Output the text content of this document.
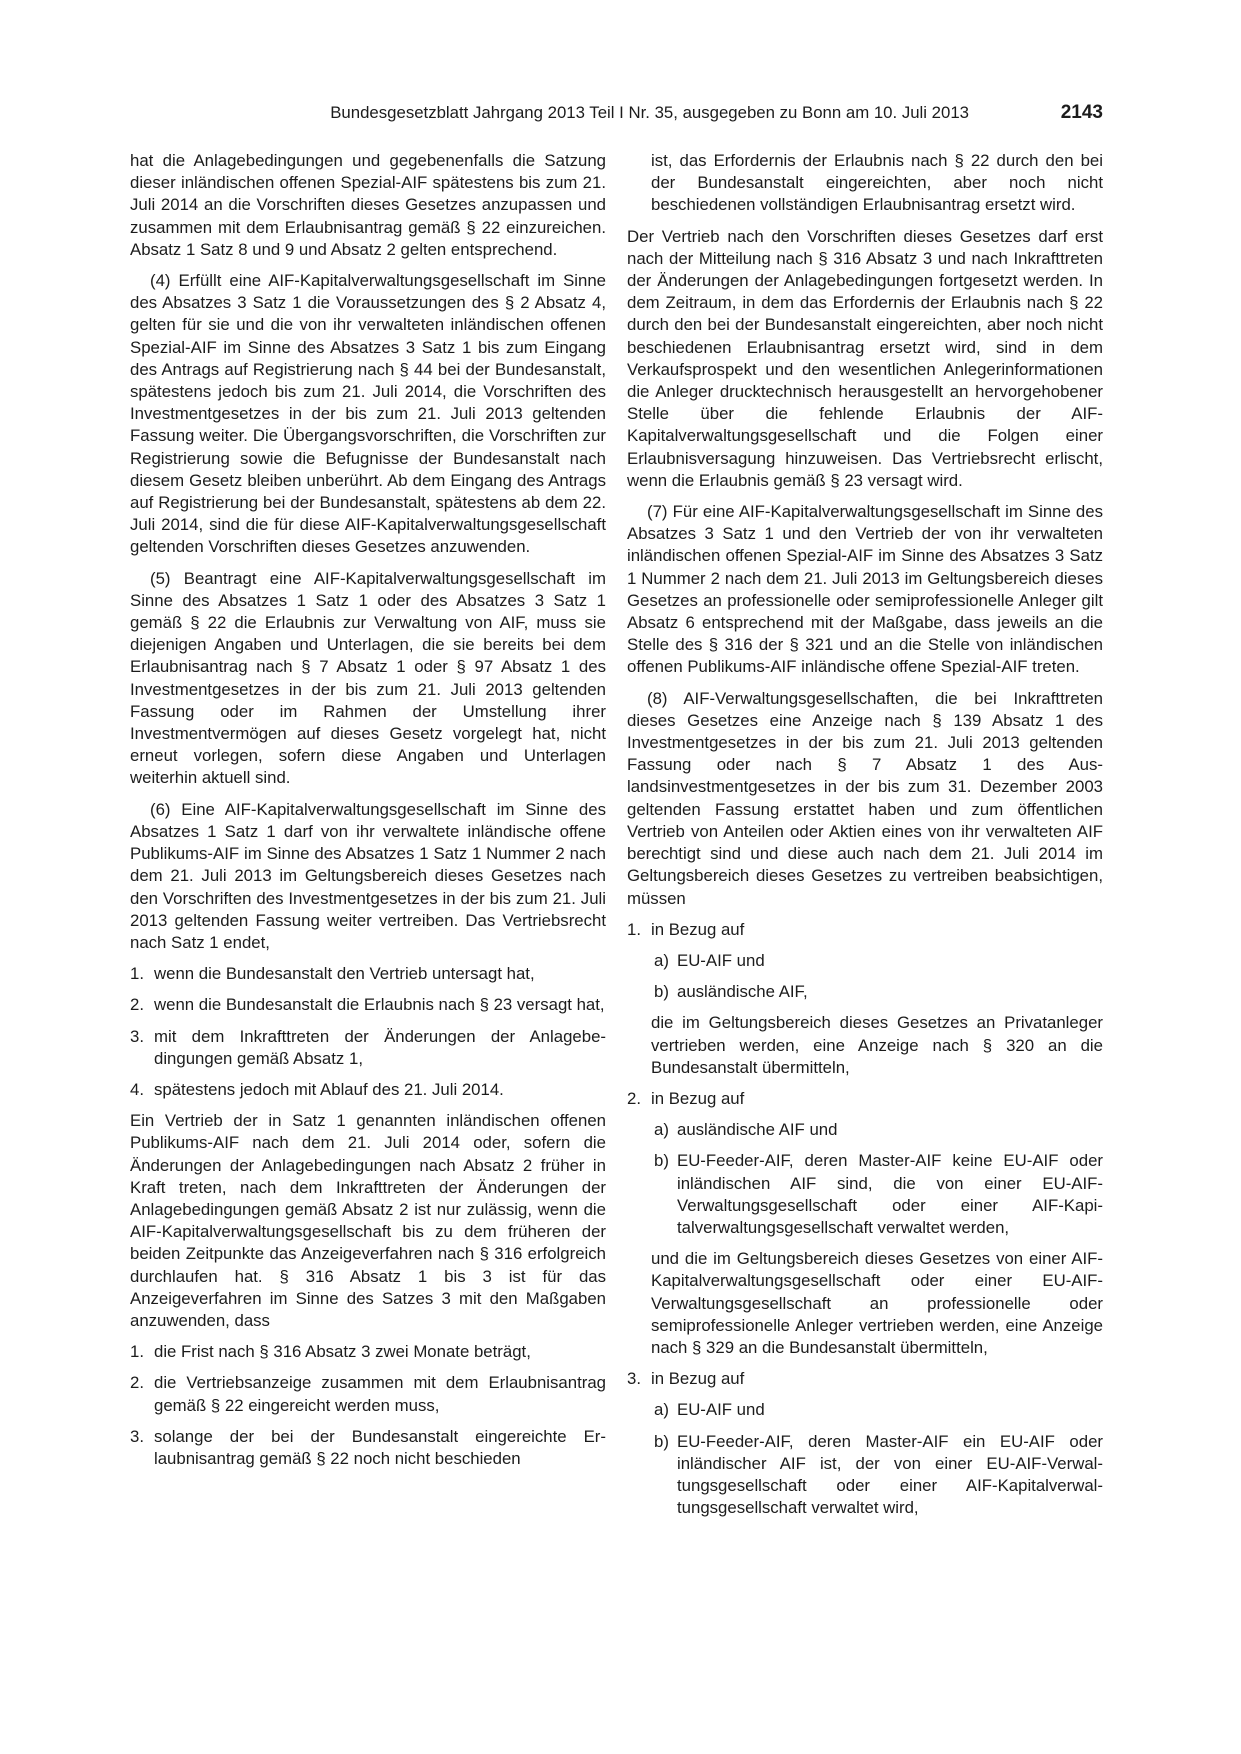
Bundesgesetzblatt Jahrgang 2013 Teil I Nr. 35, ausgegeben zu Bonn am 10. Juli 2013	2143

hat die Anlagebedingungen und gegebenenfalls die Satzung dieser inländischen offenen Spezial-AIF spätestens bis zum 21. Juli 2014 an die Vorschriften dieses Gesetzes anzupassen und zusammen mit dem Erlaubnisantrag gemäß § 22 einzureichen. Absatz 1 Satz 8 und 9 und Absatz 2 gelten entsprechend.

(4) Erfüllt eine AIF-Kapitalverwaltungsgesellschaft im Sinne des Absatzes 3 Satz 1 die Voraussetzungen des § 2 Absatz 4, gelten für sie und die von ihr verwalteten inländischen offenen Spezial-AIF im Sinne des Absatzes 3 Satz 1 bis zum Eingang des Antrags auf Registrierung nach § 44 bei der Bundesanstalt, spätestens jedoch bis zum 21. Juli 2014, die Vorschriften des Investmentgesetzes in der bis zum 21. Juli 2013 geltenden Fassung weiter. Die Übergangsvorschriften, die Vorschriften zur Registrierung sowie die Befugnisse der Bundesanstalt nach diesem Gesetz bleiben unberührt. Ab dem Eingang des Antrags auf Registrierung bei der Bundesanstalt, spätestens ab dem 22. Juli 2014, sind die für diese AIF-Kapitalverwaltungsgesellschaft geltenden Vorschriften dieses Gesetzes anzuwenden.

(5) Beantragt eine AIF-Kapitalverwaltungsgesellschaft im Sinne des Absatzes 1 Satz 1 oder des Absatzes 3 Satz 1 gemäß § 22 die Erlaubnis zur Verwaltung von AIF, muss sie diejenigen Angaben und Unterlagen, die sie bereits bei dem Erlaubnisantrag nach § 7 Absatz 1 oder § 97 Absatz 1 des Investmentgesetzes in der bis zum 21. Juli 2013 geltenden Fassung oder im Rahmen der Umstellung ihrer Investmentvermögen auf dieses Gesetz vorgelegt hat, nicht erneut vorlegen, sofern diese Angaben und Unterlagen weiterhin aktuell sind.

(6) Eine AIF-Kapitalverwaltungsgesellschaft im Sinne des Absatzes 1 Satz 1 darf von ihr verwaltete inländische offene Publikums-AIF im Sinne des Absatzes 1 Satz 1 Nummer 2 nach dem 21. Juli 2013 im Geltungsbereich dieses Gesetzes nach den Vorschriften des Investmentgesetzes in der bis zum 21. Juli 2013 geltenden Fassung weiter vertreiben. Das Vertriebsrecht nach Satz 1 endet,

1. wenn die Bundesanstalt den Vertrieb untersagt hat,
2. wenn die Bundesanstalt die Erlaubnis nach § 23 versagt hat,
3. mit dem Inkrafttreten der Änderungen der Anlagebedingungen gemäß Absatz 1,
4. spätestens jedoch mit Ablauf des 21. Juli 2014.

Ein Vertrieb der in Satz 1 genannten inländischen offenen Publikums-AIF nach dem 21. Juli 2014 oder, sofern die Änderungen der Anlagebedingungen nach Absatz 2 früher in Kraft treten, nach dem Inkrafttreten der Änderungen der Anlagebedingungen gemäß Absatz 2 ist nur zulässig, wenn die AIF-Kapitalverwaltungsgesellschaft bis zu dem früheren der beiden Zeitpunkte das Anzeigeverfahren nach § 316 erfolgreich durchlaufen hat. § 316 Absatz 1 bis 3 ist für das Anzeigeverfahren im Sinne des Satzes 3 mit den Maßgaben anzuwenden, dass

1. die Frist nach § 316 Absatz 3 zwei Monate beträgt,
2. die Vertriebsanzeige zusammen mit dem Erlaubnisantrag gemäß § 22 eingereicht werden muss,
3. solange der bei der Bundesanstalt eingereichte Erlaubnisantrag gemäß § 22 noch nicht beschieden

ist, das Erfordernis der Erlaubnis nach § 22 durch den bei der Bundesanstalt eingereichten, aber noch nicht beschiedenen vollständigen Erlaubnisantrag ersetzt wird.

Der Vertrieb nach den Vorschriften dieses Gesetzes darf erst nach der Mitteilung nach § 316 Absatz 3 und nach Inkrafttreten der Änderungen der Anlagebedingungen fortgesetzt werden. In dem Zeitraum, in dem das Erfordernis der Erlaubnis nach § 22 durch den bei der Bundesanstalt eingereichten, aber noch nicht beschiedenen Erlaubnisantrag ersetzt wird, sind in dem Verkaufsprospekt und den wesentlichen Anlegerinformationen die Anleger drucktechnisch herausgestellt an hervorgehobener Stelle über die fehlende Erlaubnis der AIF-Kapitalverwaltungsgesellschaft und die Folgen einer Erlaubnisversagung hinzuweisen. Das Vertriebsrecht erlischt, wenn die Erlaubnis gemäß § 23 versagt wird.

(7) Für eine AIF-Kapitalverwaltungsgesellschaft im Sinne des Absatzes 3 Satz 1 und den Vertrieb der von ihr verwalteten inländischen offenen Spezial-AIF im Sinne des Absatzes 3 Satz 1 Nummer 2 nach dem 21. Juli 2013 im Geltungsbereich dieses Gesetzes an professionelle oder semiprofessionelle Anleger gilt Absatz 6 entsprechend mit der Maßgabe, dass jeweils an die Stelle des § 316 der § 321 und an die Stelle von inländischen offenen Publikums-AIF inländische offene Spezial-AIF treten.

(8) AIF-Verwaltungsgesellschaften, die bei Inkrafttreten dieses Gesetzes eine Anzeige nach § 139 Absatz 1 des Investmentgesetzes in der bis zum 21. Juli 2013 geltenden Fassung oder nach § 7 Absatz 1 des Auslandsinvestmentgesetzes in der bis zum 31. Dezember 2003 geltenden Fassung erstattet haben und zum öffentlichen Vertrieb von Anteilen oder Aktien eines von ihr verwalteten AIF berechtigt sind und diese auch nach dem 21. Juli 2014 im Geltungsbereich dieses Gesetzes zu vertreiben beabsichtigen, müssen

1. in Bezug auf
a) EU-AIF und
b) ausländische AIF,

die im Geltungsbereich dieses Gesetzes an Privatanleger vertrieben werden, eine Anzeige nach § 320 an die Bundesanstalt übermitteln,

2. in Bezug auf
a) ausländische AIF und
b) EU-Feeder-AIF, deren Master-AIF keine EU-AIF oder inländischen AIF sind, die von einer EU-AIF-Verwaltungsgesellschaft oder einer AIF-Kapitalverwaltungsgesellschaft verwaltet werden,

und die im Geltungsbereich dieses Gesetzes von einer AIF-Kapitalverwaltungsgesellschaft oder einer EU-AIF-Verwaltungsgesellschaft an professionelle oder semiprofessionelle Anleger vertrieben werden, eine Anzeige nach § 329 an die Bundesanstalt übermitteln,

3. in Bezug auf
a) EU-AIF und
b) EU-Feeder-AIF, deren Master-AIF ein EU-AIF oder inländischer AIF ist, der von einer EU-AIF-Verwaltungsgesellschaft oder einer AIF-Kapitalverwaltungsgesellschaft verwaltet wird,
